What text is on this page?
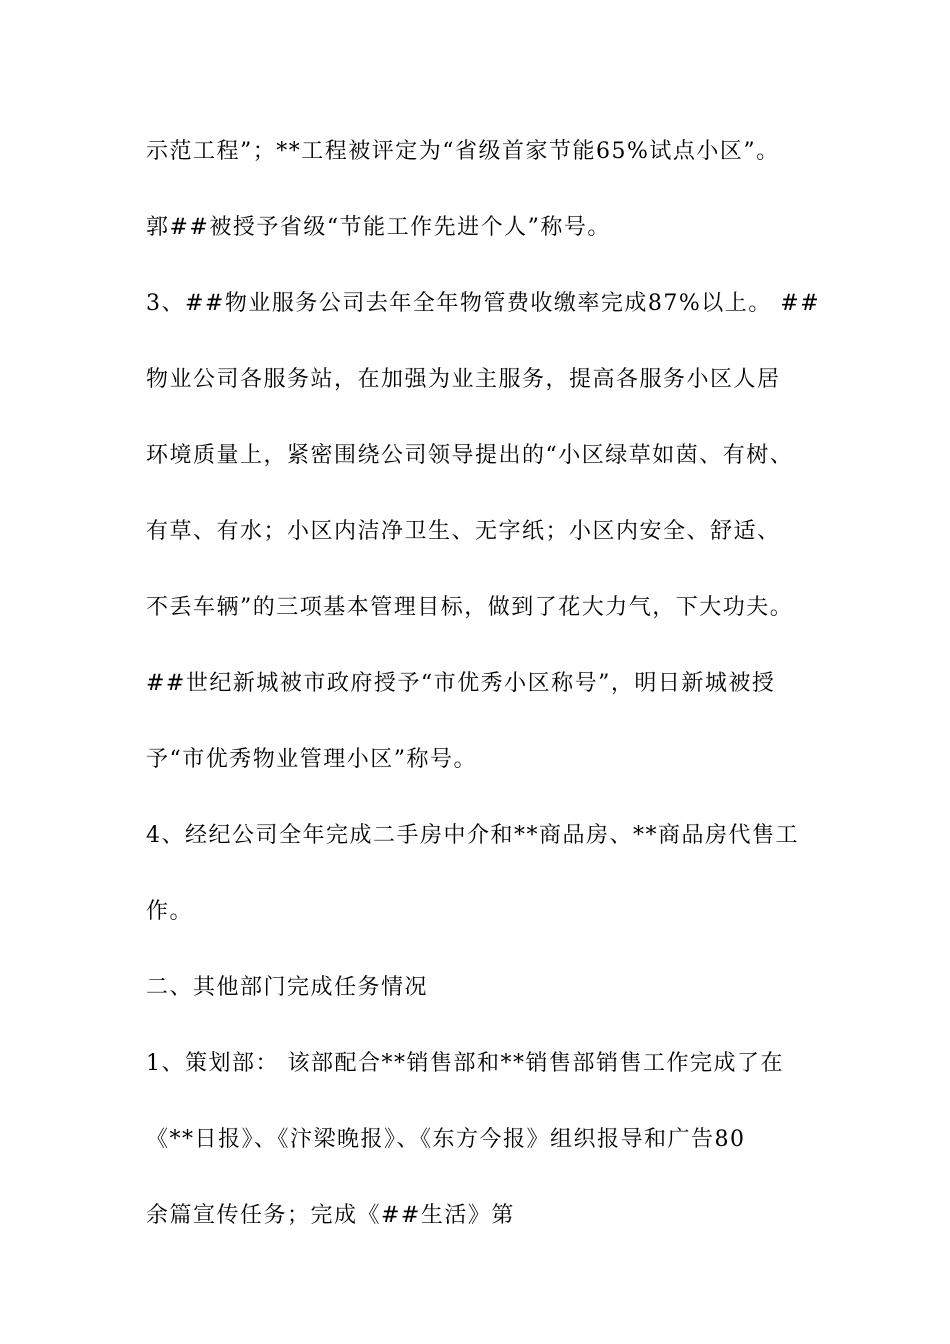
示范工程”；**工程被评定为“省级首家节能65%试点小区”。
郭##被授予省级“节能工作先进个人”称号。
3、##物业服务公司去年全年物管费收缴率完成87%以上。 ##
物业公司各服务站，在加强为业主服务，提高各服务小区人居
环境质量上，紧密围绕公司领导提出的“小区绿草如茵、有树、
有草、有水；小区内洁净卫生、无字纸；小区内安全、舒适、
不丢车辆”的三项基本管理目标，做到了花大力气，下大功夫。
##世纪新城被市政府授予“市优秀小区称号”，明日新城被授
予“市优秀物业管理小区”称号。
4、经纪公司全年完成二手房中介和**商品房、**商品房代售工
作。
二、其他部门完成任务情况
1、策划部： 该部配合**销售部和**销售部销售工作完成了在
《**日报》、《汴梁晚报》、《东方今报》组织报导和广告80
余篇宣传任务；完成《##生活》第
